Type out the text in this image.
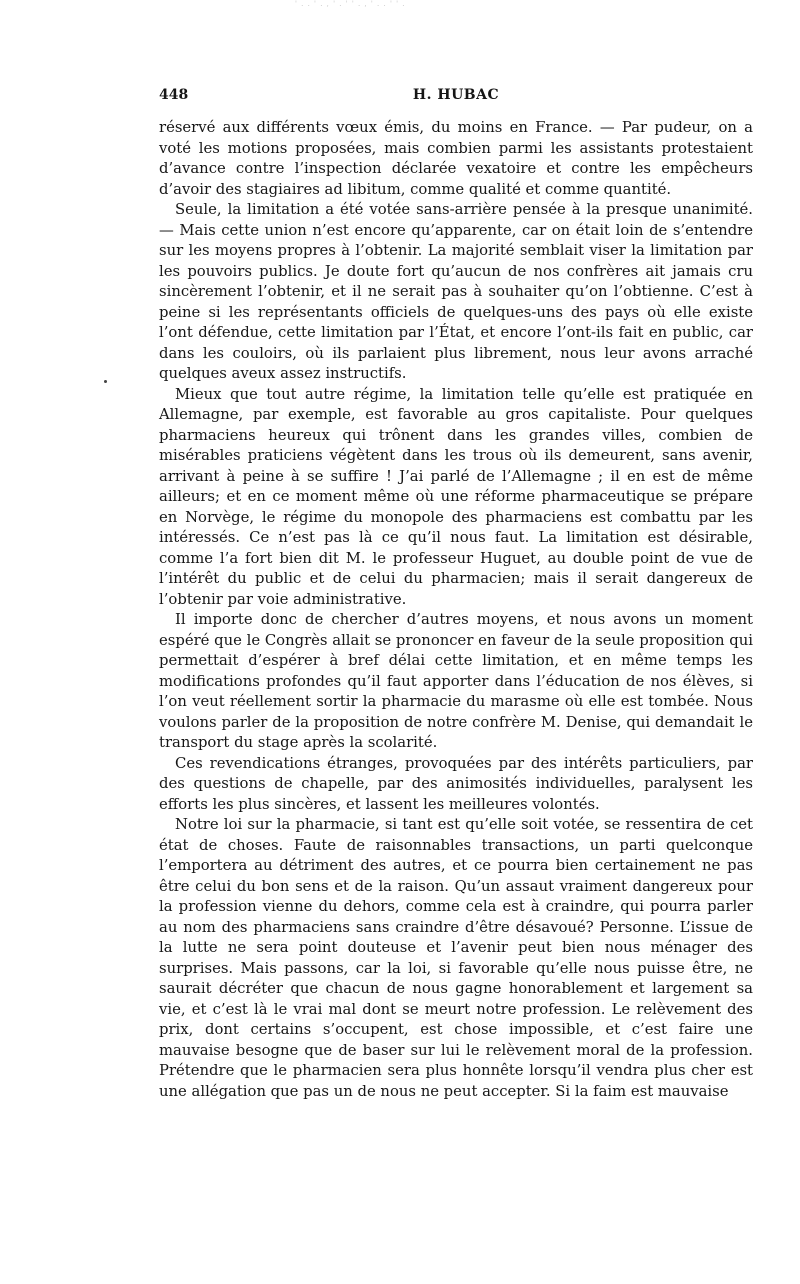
' . . ' . , ' . ' ' . , ' . . ' ' .
448	H. HUBAC

réservé aux différents vœux émis, du moins en France. — Par pudeur, on a voté les motions proposées, mais combien parmi les assistants protestaient d’avance contre l’inspection déclarée vexatoire et contre les empêcheurs d’avoir des stagiaires ad libitum, comme qualité et comme quantité.

Seule, la limitation a été votée sans-arrière pensée à la presque unanimité. — Mais cette union n’est encore qu’apparente, car on était loin de s’entendre sur les moyens propres à l’obtenir. La majorité semblait viser la limitation par les pouvoirs publics. Je doute fort qu’aucun de nos confrères ait jamais cru sincèrement l’obtenir, et il ne serait pas à souhaiter qu’on l’obtienne. C’est à peine si les représentants officiels de quelques-uns des pays où elle existe l’ont défendue, cette limitation par l’État, et encore l’ont-ils fait en public, car dans les couloirs, où ils parlaient plus librement, nous leur avons arraché quelques aveux assez instructifs.

Mieux que tout autre régime, la limitation telle qu’elle est pratiquée en Allemagne, par exemple, est favorable au gros capitaliste. Pour quelques pharmaciens heureux qui trônent dans les grandes villes, combien de misérables praticiens végètent dans les trous où ils demeurent, sans avenir, arrivant à peine à se suffire ! J’ai parlé de l’Allemagne ; il en est de même ailleurs; et en ce moment même où une réforme pharmaceutique se prépare en Norvège, le régime du monopole des pharmaciens est combattu par les intéressés. Ce n’est pas là ce qu’il nous faut. La limitation est désirable, comme l’a fort bien dit M. le professeur Huguet, au double point de vue de l’intérêt du public et de celui du pharmacien; mais il serait dangereux de l’obtenir par voie administrative.

Il importe donc de chercher d’autres moyens, et nous avons un moment espéré que le Congrès allait se prononcer en faveur de la seule proposition qui permettait d’espérer à bref délai cette limitation, et en même temps les modifications profondes qu’il faut apporter dans l’éducation de nos élèves, si l’on veut réellement sortir la pharmacie du marasme où elle est tombée. Nous voulons parler de la proposition de notre confrère M. Denise, qui demandait le transport du stage après la scolarité.

Ces revendications étranges, provoquées par des intérêts particuliers, par des questions de chapelle, par des animosités individuelles, paralysent les efforts les plus sincères, et lassent les meilleures volontés.

Notre loi sur la pharmacie, si tant est qu’elle soit votée, se ressentira de cet état de choses. Faute de raisonnables transactions, un parti quelconque l’emportera au détriment des autres, et ce pourra bien certainement ne pas être celui du bon sens et de la raison. Qu’un assaut vraiment dangereux pour la profession vienne du dehors, comme cela est à craindre, qui pourra parler au nom des pharmaciens sans craindre d’être désavoué? Personne. L’issue de la lutte ne sera point douteuse et l’avenir peut bien nous ménager des surprises. Mais passons, car la loi, si favorable qu’elle nous puisse être, ne saurait décréter que chacun de nous gagne honorablement et largement sa vie, et c’est là le vrai mal dont se meurt notre profession. Le relèvement des prix, dont certains s’occupent, est chose impossible, et c’est faire une mauvaise besogne que de baser sur lui le relèvement moral de la profession. Prétendre que le pharmacien sera plus honnête lorsqu’il vendra plus cher est une allégation que pas un de nous ne peut accepter. Si la faim est mauvaise
